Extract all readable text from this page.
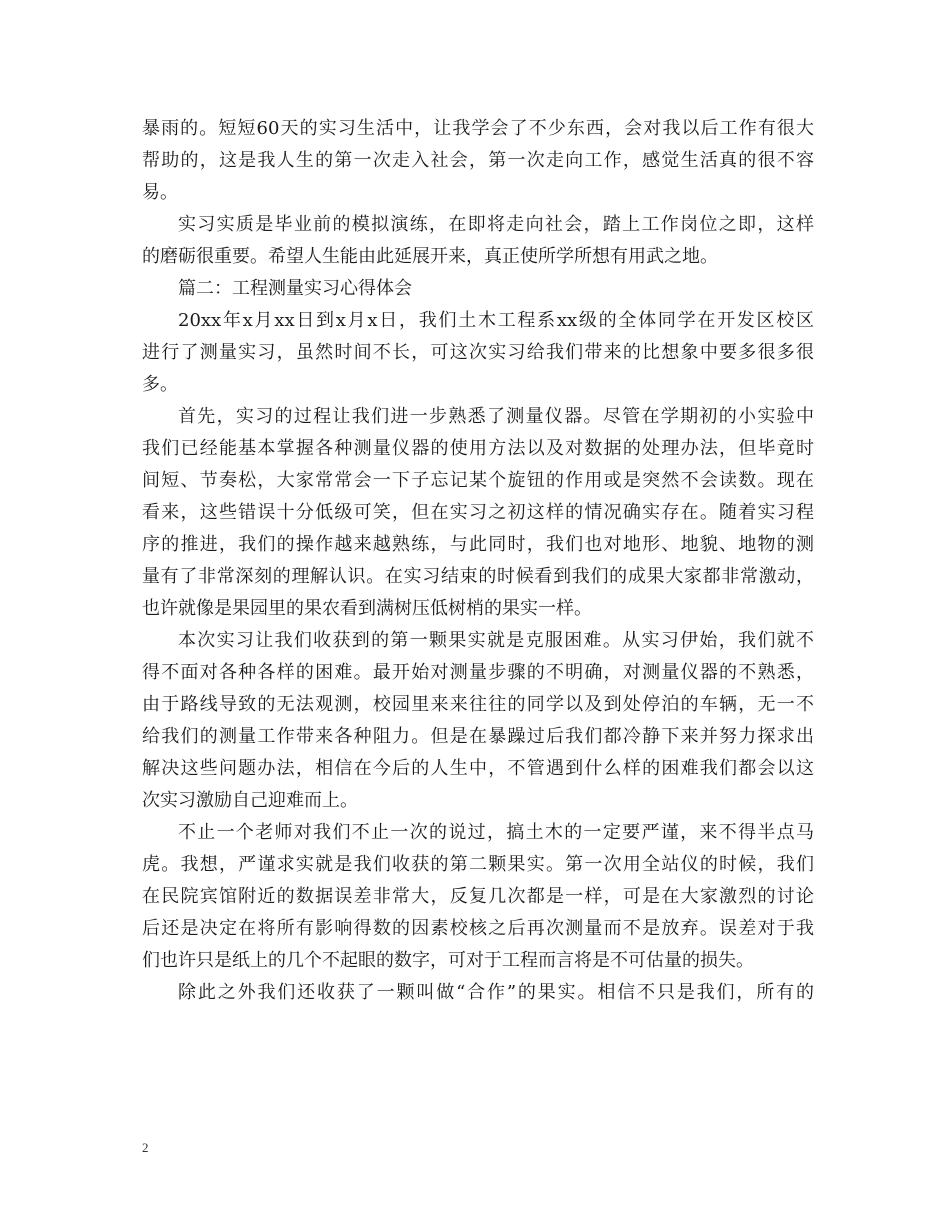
暴雨的。短短60天的实习生活中，让我学会了不少东西，会对我以后工作有很大
帮助的，这是我人生的第一次走入社会，第一次走向工作，感觉生活真的很不容
易。
实习实质是毕业前的模拟演练，在即将走向社会，踏上工作岗位之即，这样
的磨砺很重要。希望人生能由此延展开来，真正使所学所想有用武之地。
篇二：工程测量实习心得体会
20xx年x月xx日到x月x日，我们土木工程系xx级的全体同学在开发区校区
进行了测量实习，虽然时间不长，可这次实习给我们带来的比想象中要多很多很
多。
首先，实习的过程让我们进一步熟悉了测量仪器。尽管在学期初的小实验中
我们已经能基本掌握各种测量仪器的使用方法以及对数据的处理办法，但毕竟时
间短、节奏松，大家常常会一下子忘记某个旋钮的作用或是突然不会读数。现在
看来，这些错误十分低级可笑，但在实习之初这样的情况确实存在。随着实习程
序的推进，我们的操作越来越熟练，与此同时，我们也对地形、地貌、地物的测
量有了非常深刻的理解认识。在实习结束的时候看到我们的成果大家都非常激动，
也许就像是果园里的果农看到满树压低树梢的果实一样。
本次实习让我们收获到的第一颗果实就是克服困难。从实习伊始，我们就不
得不面对各种各样的困难。最开始对测量步骤的不明确，对测量仪器的不熟悉，
由于路线导致的无法观测，校园里来来往往的同学以及到处停泊的车辆，无一不
给我们的测量工作带来各种阻力。但是在暴躁过后我们都冷静下来并努力探求出
解决这些问题办法，相信在今后的人生中，不管遇到什么样的困难我们都会以这
次实习激励自己迎难而上。
不止一个老师对我们不止一次的说过，搞土木的一定要严谨，来不得半点马
虎。我想，严谨求实就是我们收获的第二颗果实。第一次用全站仪的时候，我们
在民院宾馆附近的数据误差非常大，反复几次都是一样，可是在大家激烈的讨论
后还是决定在将所有影响得数的因素校核之后再次测量而不是放弃。误差对于我
们也许只是纸上的几个不起眼的数字，可对于工程而言将是不可估量的损失。
除此之外我们还收获了一颗叫做“合作”的果实。相信不只是我们，所有的
2
